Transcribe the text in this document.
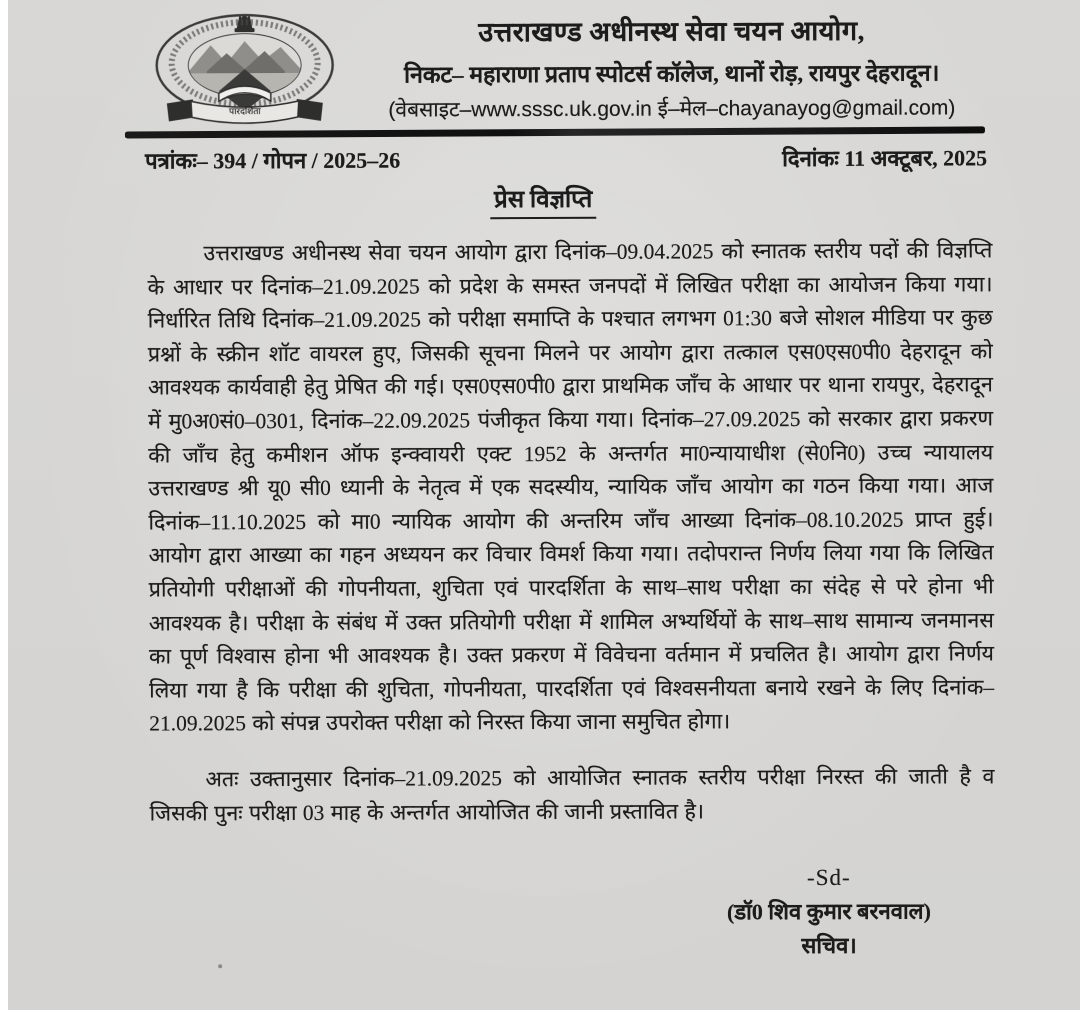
पारदर्शिता
उत्तराखण्ड अधीनस्थ सेवा चयन आयोग,
निकट– महाराणा प्रताप स्पोटर्स कॉलेज, थानों रोड़, रायपुर देहरादून।
(वेबसाइट–www.sssc.uk.gov.in ई–मेल–chayanayog@gmail.com)
पत्रांकः– 394 / गोपन / 2025–26	दिनांकः 11 अक्टूबर, 2025
प्रेस विज्ञप्ति

उत्तराखण्ड अधीनस्थ सेवा चयन आयोग द्वारा दिनांक–09.04.2025 को स्नातक स्तरीय पदों की विज्ञप्ति के आधार पर दिनांक–21.09.2025 को प्रदेश के समस्त जनपदों में लिखित परीक्षा का आयोजन किया गया। निर्धारित तिथि दिनांक–21.09.2025 को परीक्षा समाप्ति के पश्चात लगभग 01:30 बजे सोशल मीडिया पर कुछ प्रश्नों के स्क्रीन शॉट वायरल हुए, जिसकी सूचना मिलने पर आयोग द्वारा तत्काल एस0एस0पी0 देहरादून को आवश्यक कार्यवाही हेतु प्रेषित की गई। एस0एस0पी0 द्वारा प्राथमिक जाँच के आधार पर थाना रायपुर, देहरादून में मु0अ0सं0–0301, दिनांक–22.09.2025 पंजीकृत किया गया। दिनांक–27.09.2025 को सरकार द्वारा प्रकरण की जाँच हेतु कमीशन ऑफ इन्क्वायरी एक्ट 1952 के अन्तर्गत मा0न्यायाधीश (से0नि0) उच्च न्यायालय उत्तराखण्ड श्री यू0 सी0 ध्यानी के नेतृत्व में एक सदस्यीय, न्यायिक जाँच आयोग का गठन किया गया। आज दिनांक–11.10.2025 को मा0 न्यायिक आयोग की अन्तरिम जाँच आख्या दिनांक–08.10.2025 प्राप्त हुई। आयोग द्वारा आख्या का गहन अध्ययन कर विचार विमर्श किया गया। तदोपरान्त निर्णय लिया गया कि लिखित प्रतियोगी परीक्षाओं की गोपनीयता, शुचिता एवं पारदर्शिता के साथ–साथ परीक्षा का संदेह से परे होना भी आवश्यक है। परीक्षा के संबंध में उक्त प्रतियोगी परीक्षा में शामिल अभ्यर्थियों के साथ–साथ सामान्य जनमानस का पूर्ण विश्वास होना भी आवश्यक है। उक्त प्रकरण में विवेचना वर्तमान में प्रचलित है। आयोग द्वारा निर्णय लिया गया है कि परीक्षा की शुचिता, गोपनीयता, पारदर्शिता एवं विश्वसनीयता बनाये रखने के लिए दिनांक–21.09.2025 को संपन्न उपरोक्त परीक्षा को निरस्त किया जाना समुचित होगा।

अतः उक्तानुसार दिनांक–21.09.2025 को आयोजित स्नातक स्तरीय परीक्षा निरस्त की जाती है व जिसकी पुनः परीक्षा 03 माह के अन्तर्गत आयोजित की जानी प्रस्तावित है।

-Sd-
(डॉ0 शिव कुमार बरनवाल)
सचिव।
